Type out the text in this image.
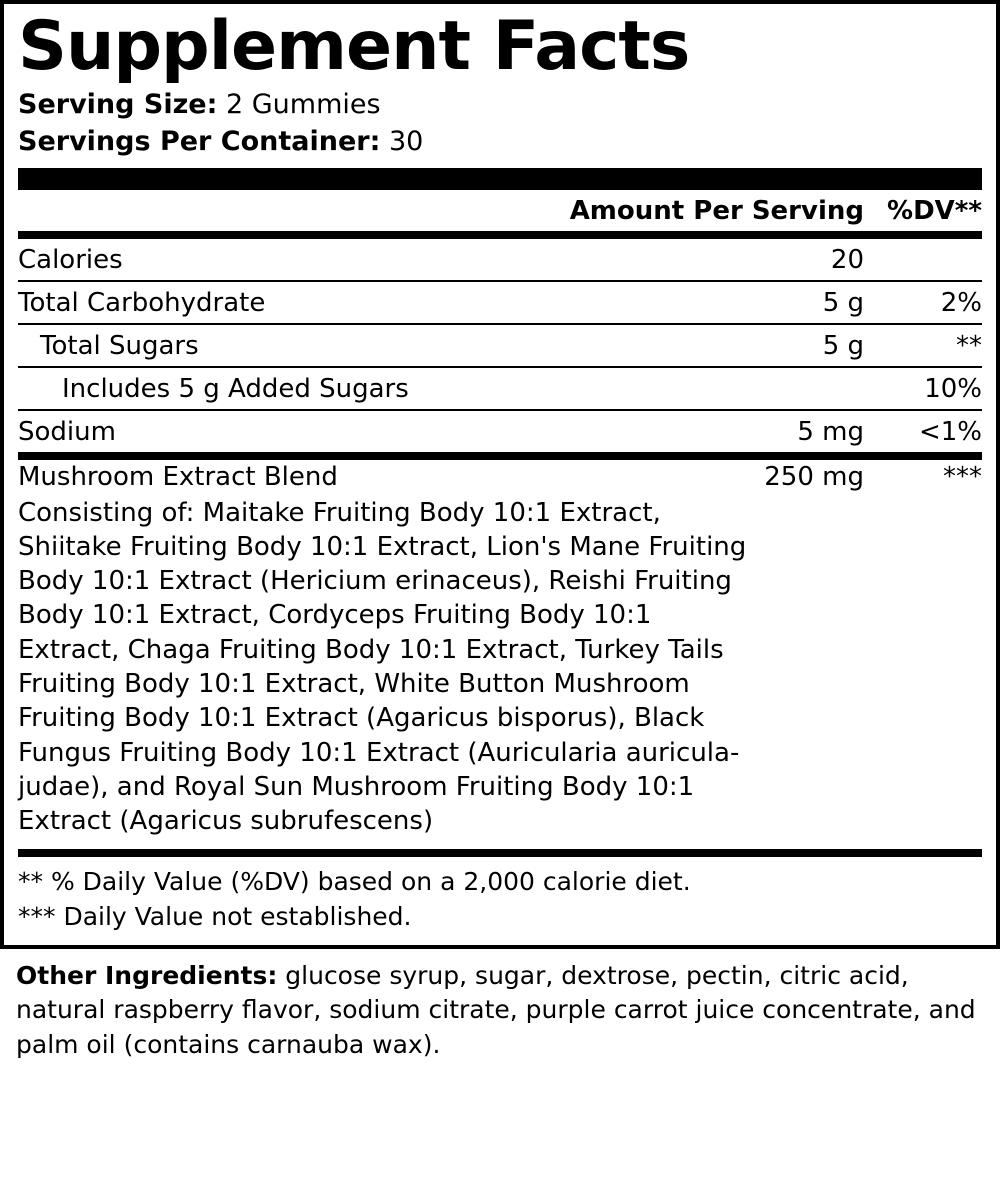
Supplement Facts
Serving Size: 2 Gummies
Servings Per Container: 30
	Amount Per Serving	%DV**
Calories	20	
Total Carbohydrate	5 g	2%
Total Sugars	5 g	**
Includes 5 g Added Sugars		10%
Sodium	5 mg	<1%
Mushroom Extract Blend	250 mg	***
Consisting of: Maitake Fruiting Body 10:1 Extract, Shiitake Fruiting Body 10:1 Extract, Lion's Mane Fruiting Body 10:1 Extract (Hericium erinaceus), Reishi Fruiting Body 10:1 Extract, Cordyceps Fruiting Body 10:1 Extract, Chaga Fruiting Body 10:1 Extract, Turkey Tails Fruiting Body 10:1 Extract, White Button Mushroom Fruiting Body 10:1 Extract (Agaricus bisporus), Black Fungus Fruiting Body 10:1 Extract (Auricularia auricula-judae), and Royal Sun Mushroom Fruiting Body 10:1 Extract (Agaricus subrufescens)
** % Daily Value (%DV) based on a 2,000 calorie diet.
*** Daily Value not established.
Other Ingredients: glucose syrup, sugar, dextrose, pectin, citric acid, natural raspberry flavor, sodium citrate, purple carrot juice concentrate, and palm oil (contains carnauba wax).
